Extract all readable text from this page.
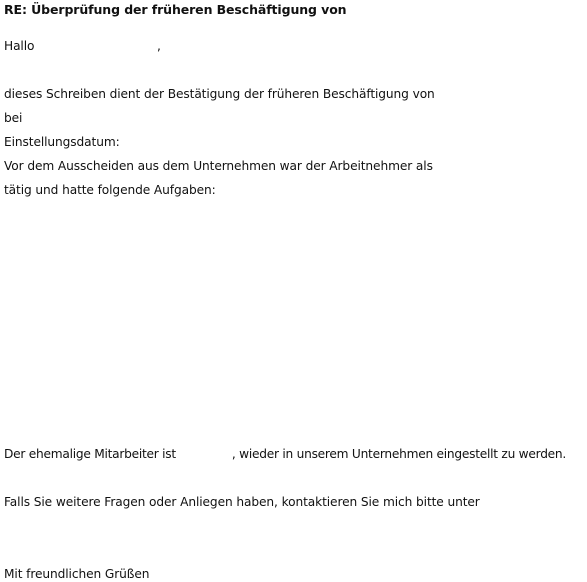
RE: Überprüfung der früheren Beschäftigung von
Hallo	,
dieses Schreiben dient der Bestätigung der früheren Beschäftigung von
bei
Einstellungsdatum:
Vor dem Ausscheiden aus dem Unternehmen war der Arbeitnehmer als
tätig und hatte folgende Aufgaben:
Der ehemalige Mitarbeiter ist	, wieder in unserem Unternehmen eingestellt zu werden.
Falls Sie weitere Fragen oder Anliegen haben, kontaktieren Sie mich bitte unter
Mit freundlichen Grüßen
